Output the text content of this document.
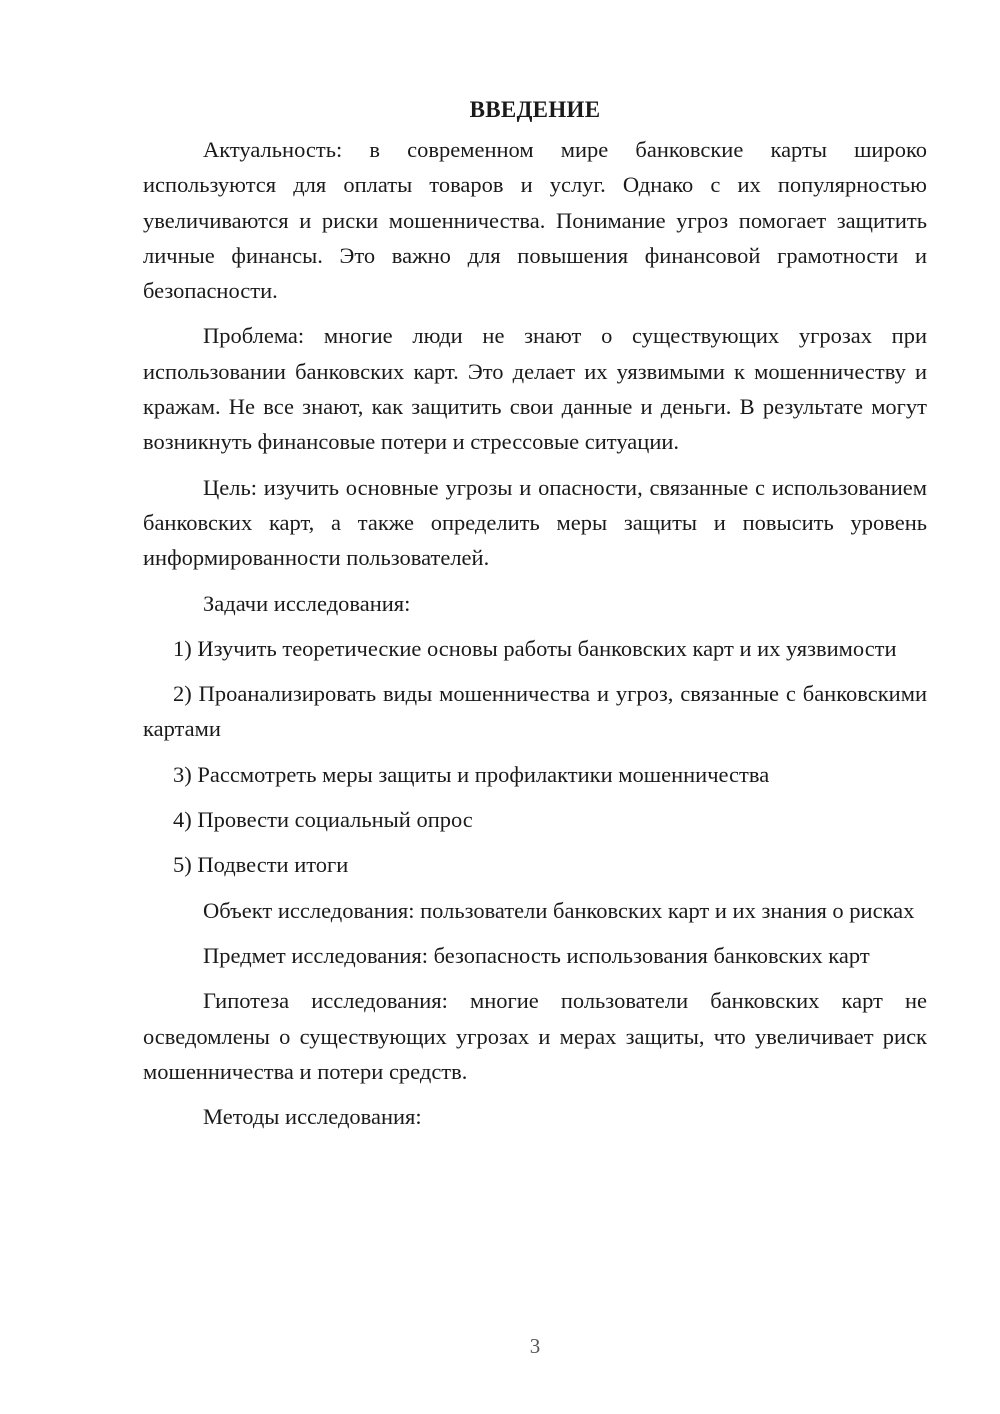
ВВЕДЕНИЕ

Актуальность: в современном мире банковские карты широко используются для оплаты товаров и услуг. Однако с их популярностью увеличиваются и риски мошенничества. Понимание угроз помогает защитить личные финансы. Это важно для повышения финансовой грамотности и безопасности.

Проблема: многие люди не знают о существующих угрозах при использовании банковских карт. Это делает их уязвимыми к мошенничеству и кражам. Не все знают, как защитить свои данные и деньги. В результате могут возникнуть финансовые потери и стрессовые ситуации.

Цель: изучить основные угрозы и опасности, связанные с использованием банковских карт, а также определить меры защиты и повысить уровень информированности пользователей.

Задачи исследования:

1) Изучить теоретические основы работы банковских карт и их уязвимости

2) Проанализировать виды мошенничества и угроз, связанные с банковскими картами

3) Рассмотреть меры защиты и профилактики мошенничества

4) Провести социальный опрос

5) Подвести итоги

Объект исследования: пользователи банковских карт и их знания о рисках

Предмет исследования: безопасность использования банковских карт

Гипотеза исследования: многие пользователи банковских карт не осведомлены о существующих угрозах и мерах защиты, что увеличивает риск мошенничества и потери средств.

Методы исследования:

3
